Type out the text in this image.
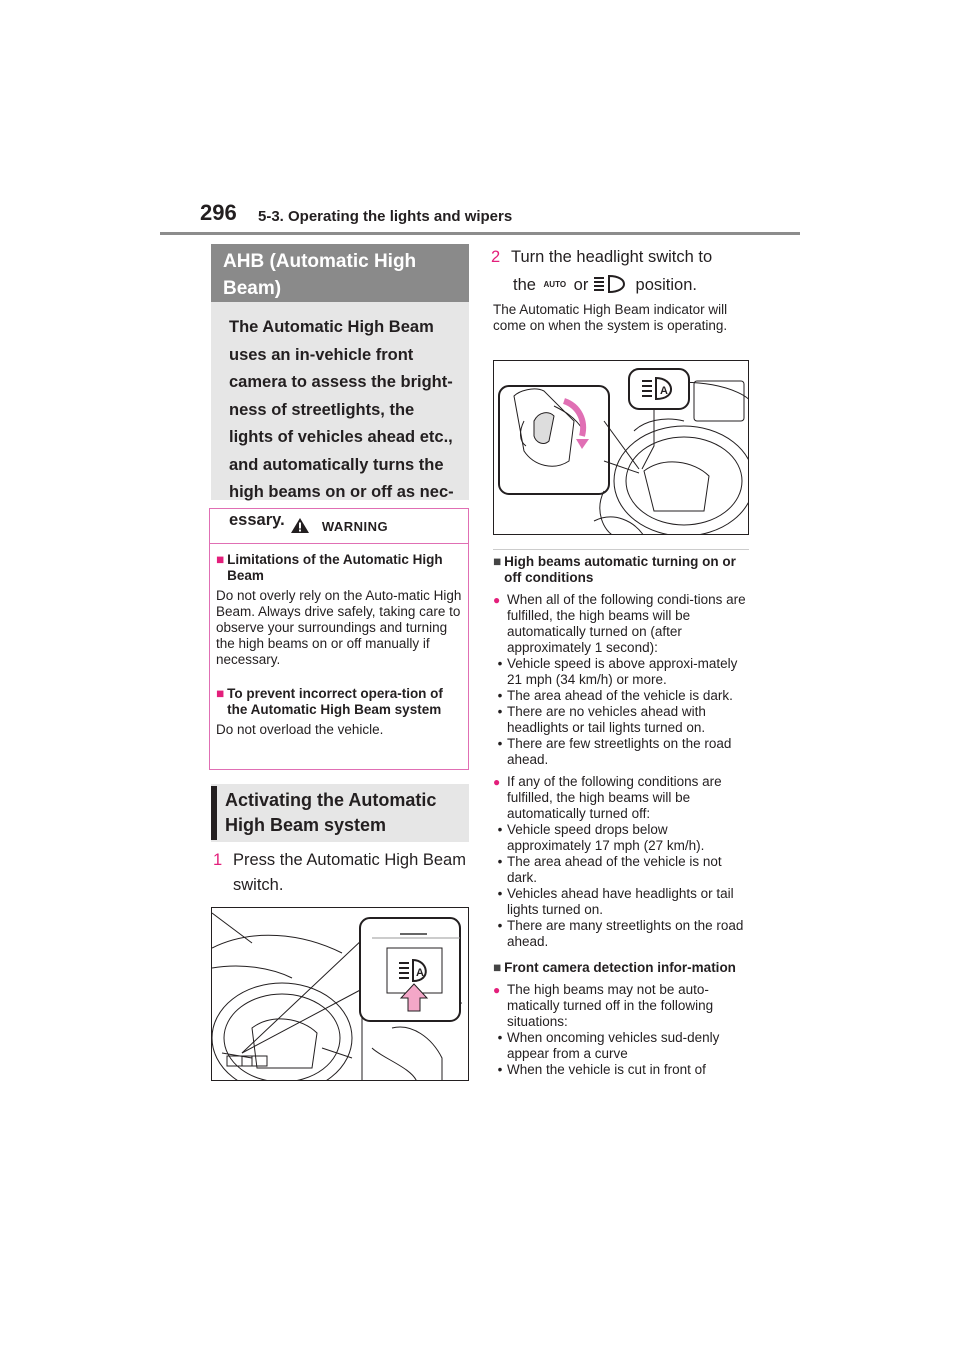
296 5-3. Operating the lights and wipers
AHB (Automatic High Beam)
The Automatic High Beam uses an in-vehicle front camera to assess the bright-ness of streetlights, the lights of vehicles ahead etc., and automatically turns the high beams on or off as nec-essary.	WARNING
■ Limitations of the Automatic High Beam
Do not overly rely on the Auto-matic High Beam. Always drive safely, taking care to observe your surroundings and turning the high beams on or off manually if necessary.
■ To prevent incorrect opera-tion of the Automatic High Beam system
Do not overload the vehicle.
Activating the Automatic High Beam system
1 Press the Automatic High Beam switch.
A
2 Turn the headlight switch to
the AUTO or	position.
The Automatic High Beam indicator will come on when the system is operating.
A
■ High beams automatic turning on or off conditions
● When all of the following condi-tions are fulfilled, the high beams will be automatically turned on (after approximately 1 second):
• Vehicle speed is above approxi-mately 21 mph (34 km/h) or more.
• The area ahead of the vehicle is dark.
• There are no vehicles ahead with headlights or tail lights turned on.
• There are few streetlights on the road ahead.
● If any of the following conditions are fulfilled, the high beams will be automatically turned off:
• Vehicle speed drops below approximately 17 mph (27 km/h).
• The area ahead of the vehicle is not dark.
• Vehicles ahead have headlights or tail lights turned on.
• There are many streetlights on the road ahead.
■ Front camera detection infor-mation
● The high beams may not be auto-matically turned off in the following situations:
• When oncoming vehicles sud-denly appear from a curve
• When the vehicle is cut in front of
